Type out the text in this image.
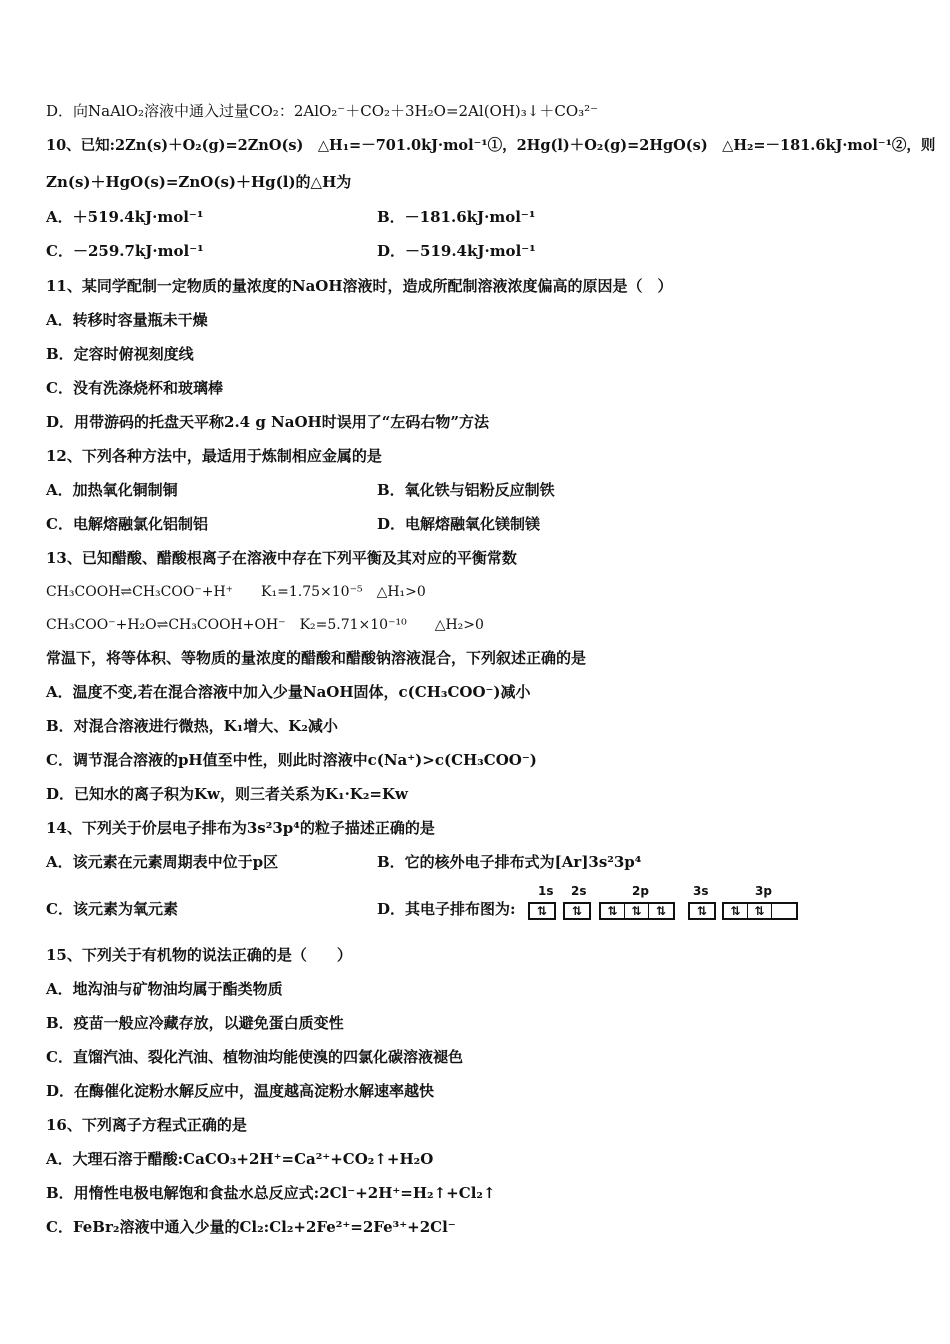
D．向NaAlO₂溶液中通入过量CO₂：2AlO₂⁻＋CO₂＋3H₂O=2Al(OH)₃↓＋CO₃²⁻
10、已知:2Zn(s)＋O₂(g)=2ZnO(s)　△H₁=－701.0kJ·mol⁻¹①，2Hg(l)＋O₂(g)=2HgO(s)　△H₂=－181.6kJ·mol⁻¹②，则
Zn(s)＋HgO(s)=ZnO(s)＋Hg(l)的△H为
A．＋519.4kJ·mol⁻¹	B．－181.6kJ·mol⁻¹
C．－259.7kJ·mol⁻¹	D．－519.4kJ·mol⁻¹
11、某同学配制一定物质的量浓度的NaOH溶液时，造成所配制溶液浓度偏高的原因是（　）
A．转移时容量瓶未干燥
B．定容时俯视刻度线
C．没有洗涤烧杯和玻璃棒
D．用带游码的托盘天平称2.4 g NaOH时误用了“左码右物”方法
12、下列各种方法中，最适用于炼制相应金属的是
A．加热氧化铜制铜	B．氧化铁与铝粉反应制铁
C．电解熔融氯化铝制铝	D．电解熔融氧化镁制镁
13、已知醋酸、醋酸根离子在溶液中存在下列平衡及其对应的平衡常数
CH₃COOH⇌CH₃COO⁻+H⁺　　K₁=1.75×10⁻⁵　△H₁>0
CH₃COO⁻+H₂O⇌CH₃COOH+OH⁻　K₂=5.71×10⁻¹⁰　　△H₂>0
常温下，将等体积、等物质的量浓度的醋酸和醋酸钠溶液混合，下列叙述正确的是
A．温度不变,若在混合溶液中加入少量NaOH固体，c(CH₃COO⁻)减小
B．对混合溶液进行微热，K₁增大、K₂减小
C．调节混合溶液的pH值至中性，则此时溶液中c(Na⁺)>c(CH₃COO⁻)
D．已知水的离子积为Kw，则三者关系为K₁·K₂=Kw
14、下列关于价层电子排布为3s²3p⁴的粒子描述正确的是
A．该元素在元素周期表中位于p区	B．它的核外电子排布式为[Ar]3s²3p⁴
C．该元素为氧元素	D．其电子排布图为:
1s 2s	2p	3s	3p
⇅	⇅	⇅	⇅	⇅	⇅	⇅	⇅
15、下列关于有机物的说法正确的是（　　）
A．地沟油与矿物油均属于酯类物质
B．疫苗一般应冷藏存放，以避免蛋白质变性
C．直馏汽油、裂化汽油、植物油均能使溴的四氯化碳溶液褪色
D．在酶催化淀粉水解反应中，温度越高淀粉水解速率越快
16、下列离子方程式正确的是
A．大理石溶于醋酸:CaCO₃+2H⁺=Ca²⁺+CO₂↑+H₂O
B．用惰性电极电解饱和食盐水总反应式:2Cl⁻+2H⁺=H₂↑+Cl₂↑
C．FeBr₂溶液中通入少量的Cl₂:Cl₂+2Fe²⁺=2Fe³⁺+2Cl⁻
